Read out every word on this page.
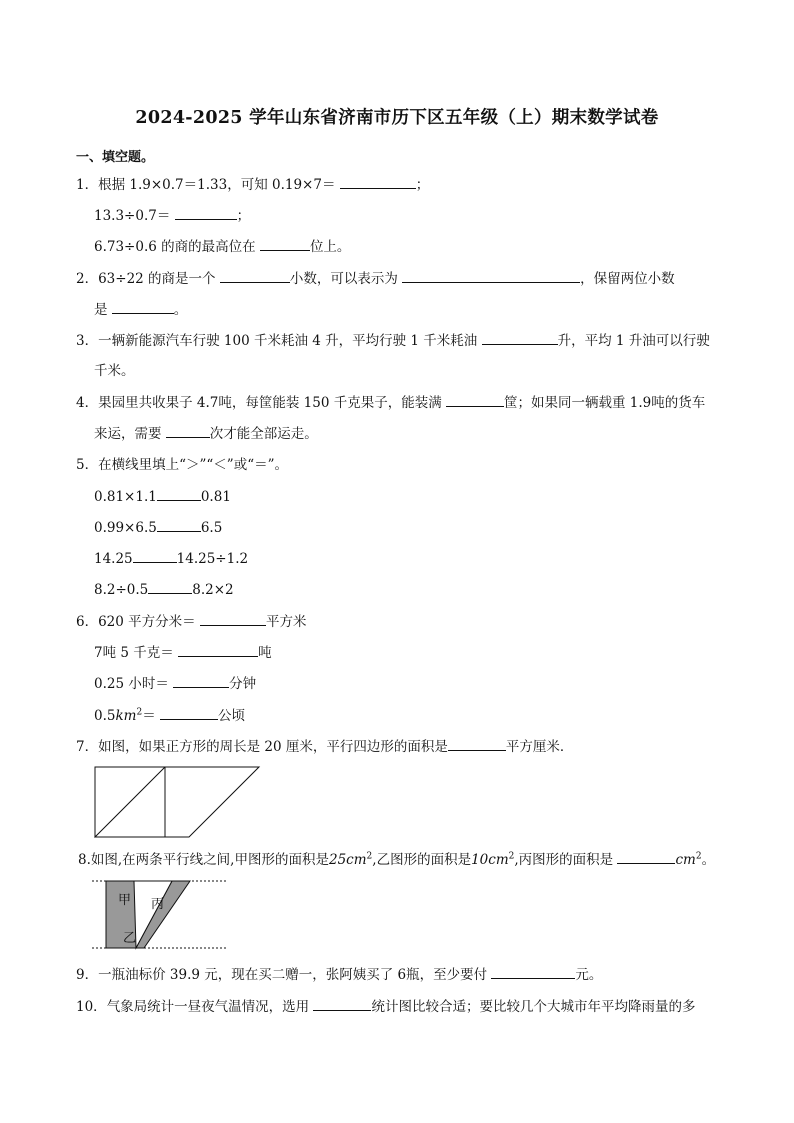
2024-2025 学年山东省济南市历下区五年级（上）期末数学试卷
一、填空题。
1．根据 1.9×0.7＝1.33，可知 0.19×7＝	；
13.3÷0.7＝	；
6.73÷0.6 的商的最高位在	位上。
2．63÷22 的商是一个	小数，可以表示为	，保留两位小数
是	。
3．一辆新能源汽车行驶 100 千米耗油 4 升，平均行驶 1 千米耗油	升，平均 1 升油可以行驶
千米。
4．果园里共收果子 4.7吨，每筐能装 150 千克果子，能装满	筐；如果同一辆载重 1.9吨的货车
来运，需要	次才能全部运走。
5．在横线里填上“＞”“＜”或“＝”。
0.81×1.1	0.81
0.99×6.5	6.5
14.25	14.25÷1.2
8.2÷0.5	8.2×2
6．620 平方分米＝	平方米
7吨 5 千克＝	吨
0.25 小时＝	分钟
$0.5km^2=$	公顷
7．如图，如果正方形的周长是 20 厘米，平行四边形的面积是	平方厘米．
8.如图,在两条平行线之间,甲图形的面积是$25cm^2$,乙图形的面积是$10cm^2$,丙图形的面积是	$cm^2$。
甲 丙
乙
9．一瓶油标价 39.9 元，现在买二赠一，张阿姨买了 6瓶，至少要付	元。
10．气象局统计一昼夜气温情况，选用	统计图比较合适；要比较几个大城市年平均降雨量的多
